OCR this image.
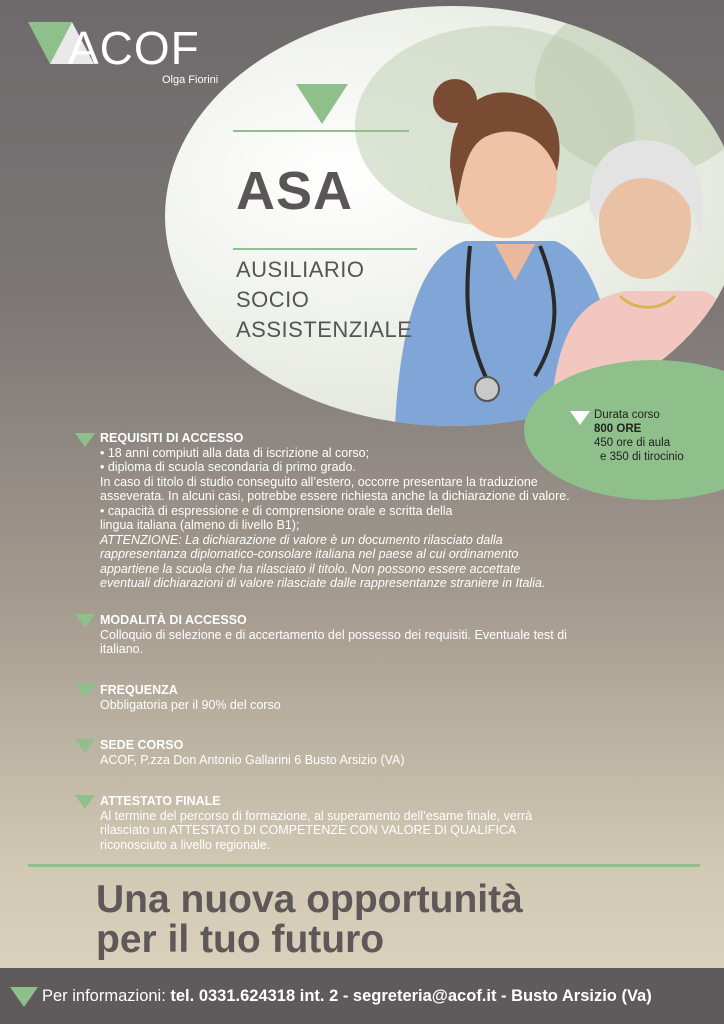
ACOF
Olga Fiorini
ASA
AUSILIARIO
SOCIO
ASSISTENZIALE
Durata corso
800 ORE
450 ore di aula
e 350 di tirocinio
REQUISITI DI ACCESSO
• 18 anni compiuti alla data di iscrizione al corso;
• diploma di scuola secondaria di primo grado.
In caso di titolo di studio conseguito all’estero, occorre presentare la traduzione
asseverata. In alcuni casi, potrebbe essere richiesta anche la dichiarazione di valore.
• capacità di espressione e di comprensione orale e scritta della
lingua italiana (almeno di livello B1);
ATTENZIONE: La dichiarazione di valore è un documento rilasciato dalla
rappresentanza diplomatico-consolare italiana nel paese al cui ordinamento
appartiene la scuola che ha rilasciato il titolo. Non possono essere accettate
eventuali dichiarazioni di valore rilasciate dalle rappresentanze straniere in Italia.
MODALITÀ DI ACCESSO
Colloquio di selezione e di accertamento del possesso dei requisiti. Eventuale test di
italiano.
FREQUENZA
Obbligatoria per il 90% del corso
SEDE CORSO
ACOF, P.zza Don Antonio Gallarini 6 Busto Arsizio (VA)
ATTESTATO FINALE
Al termine del percorso di formazione, al superamento dell’esame finale, verrà
rilasciato un ATTESTATO DI COMPETENZE CON VALORE DI QUALIFICA
riconosciuto a livello regionale.
Una nuova opportunità
per il tuo futuro
Per informazioni: tel. 0331.624318 int. 2 - segreteria@acof.it - Busto Arsizio (Va)
